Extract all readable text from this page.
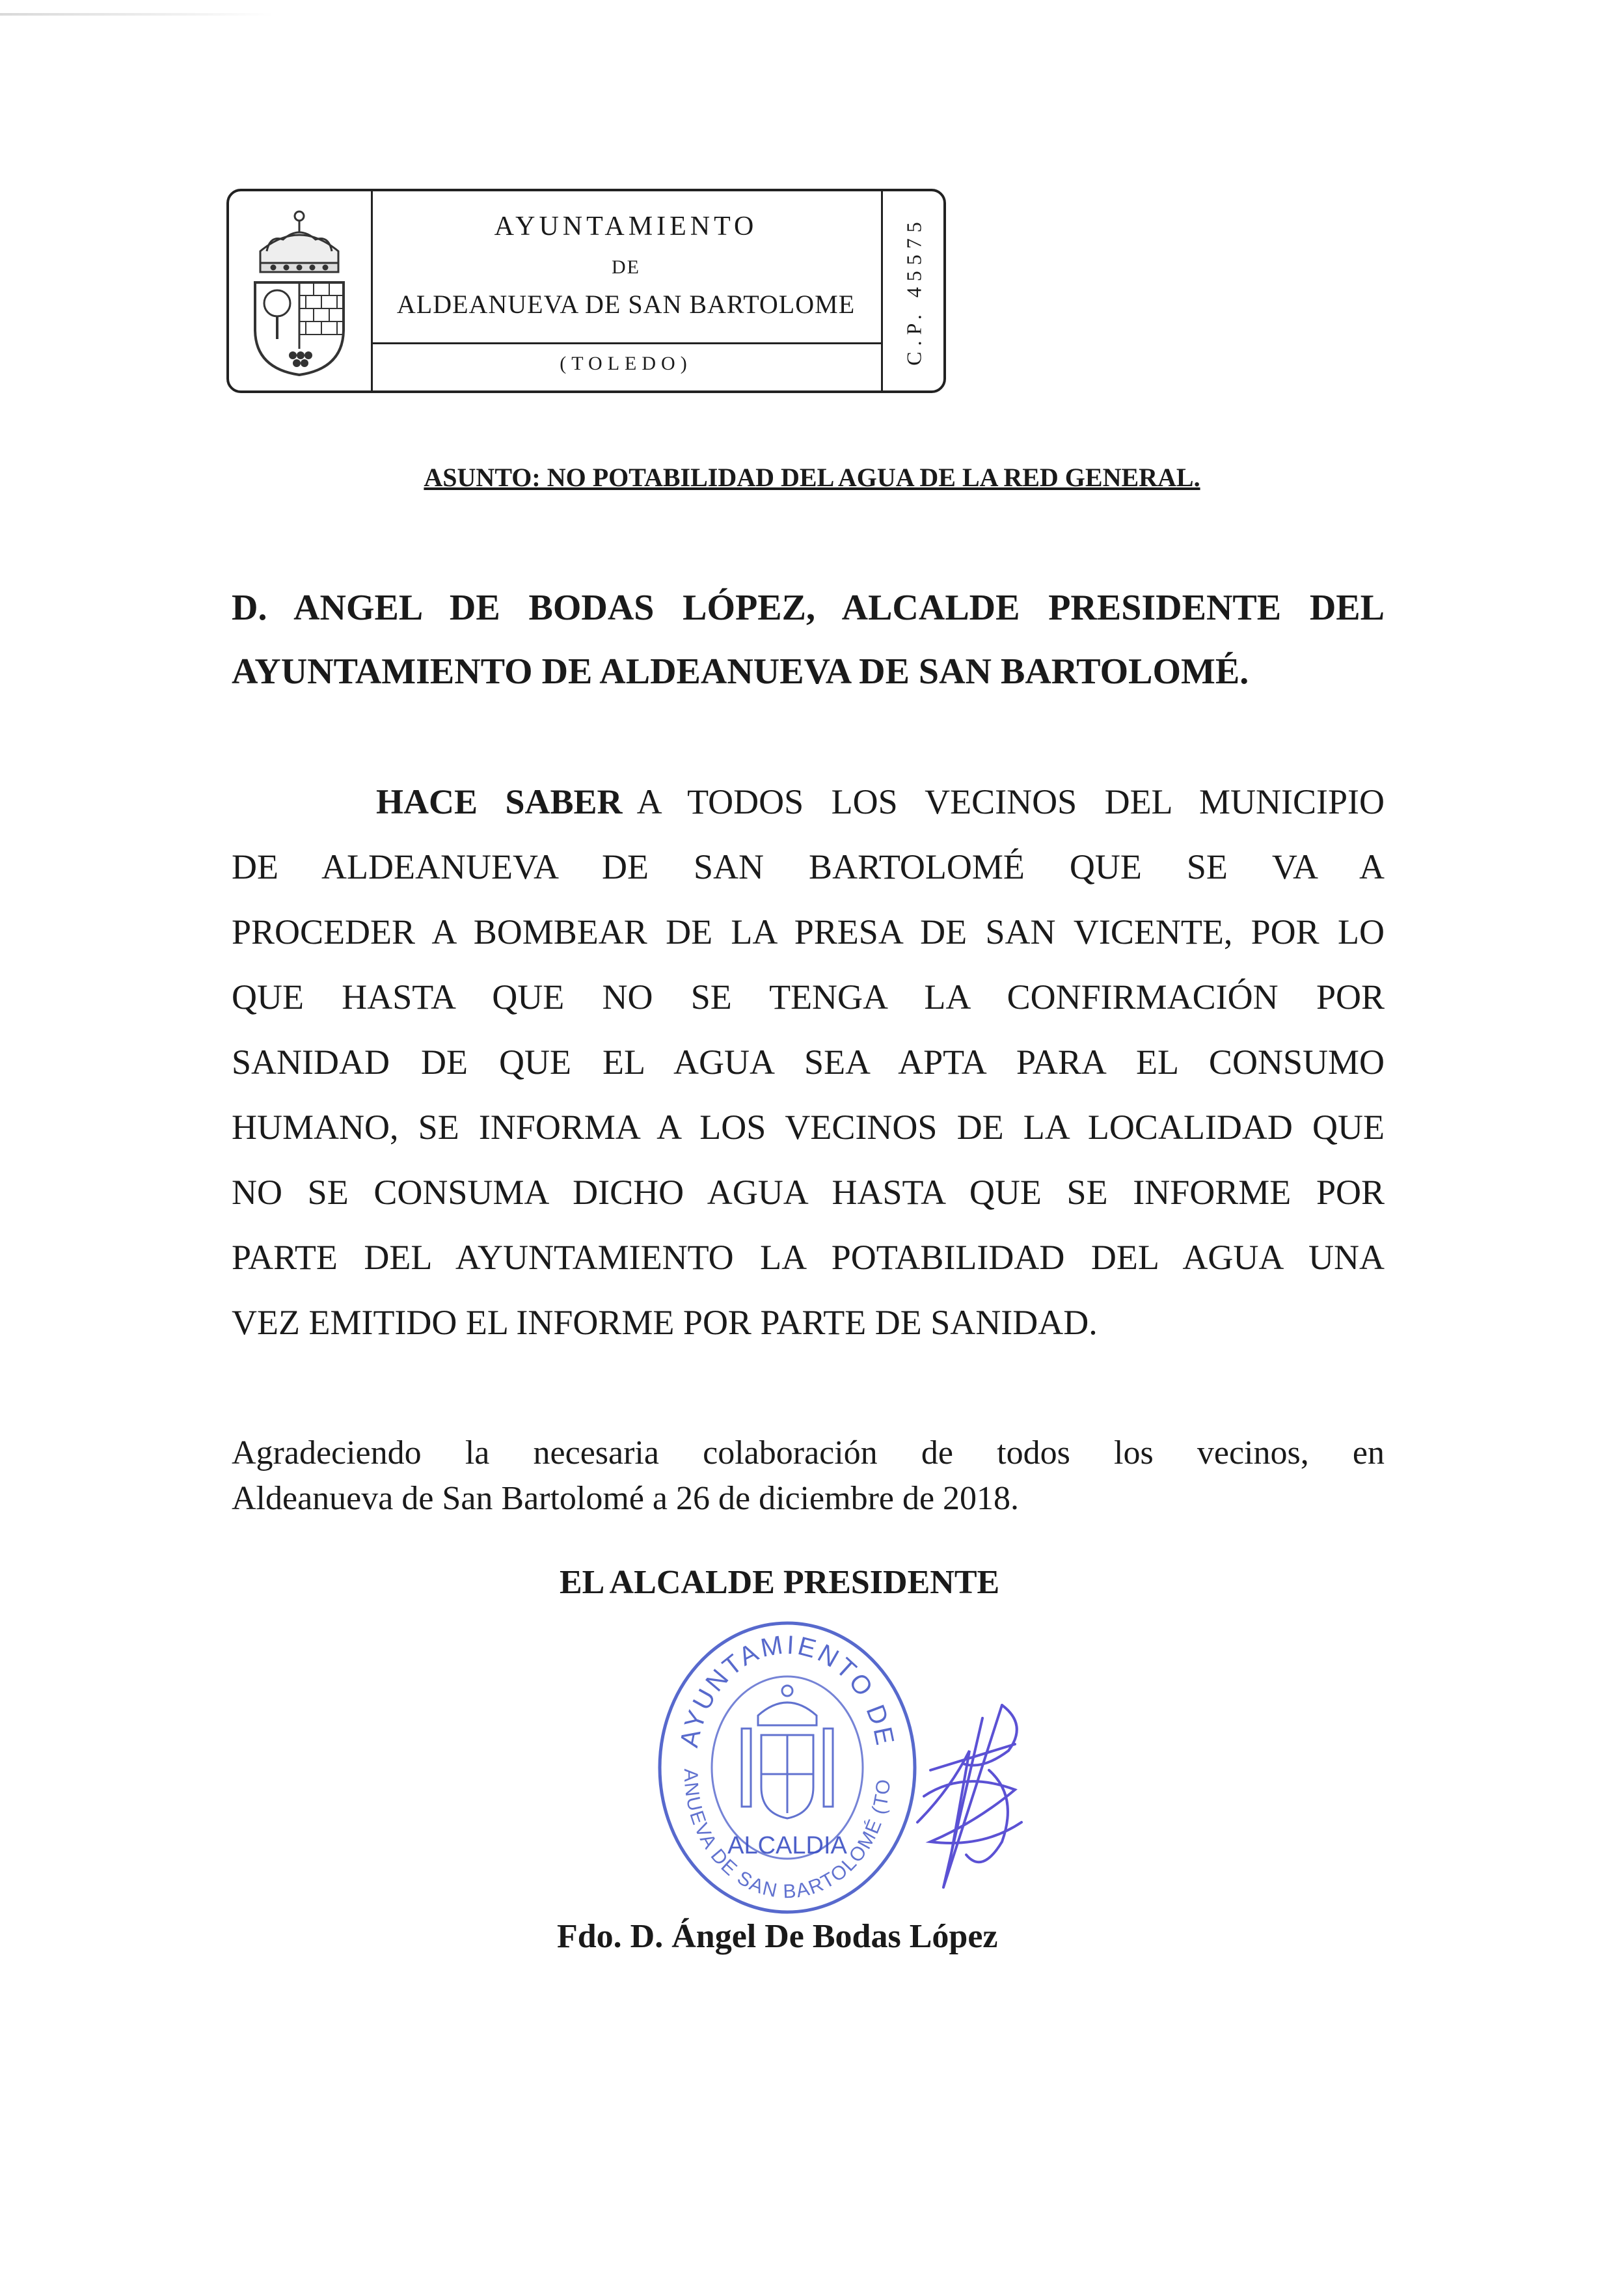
AYUNTAMIENTO
DE
ALDEANUEVA DE SAN BARTOLOME
(TOLEDO)	C.P. 45575
ASUNTO: NO POTABILIDAD DEL AGUA DE LA RED GENERAL.
D. ANGEL DE BODAS LÓPEZ, ALCALDE PRESIDENTE DEL
AYUNTAMIENTO DE ALDEANUEVA DE SAN BARTOLOMÉ.
HACE SABER A TODOS LOS VECINOS DEL MUNICIPIO
DE ALDEANUEVA DE SAN BARTOLOMÉ QUE SE VA A
PROCEDER A BOMBEAR DE LA PRESA DE SAN VICENTE, POR LO
QUE HASTA QUE NO SE TENGA LA CONFIRMACIÓN POR
SANIDAD DE QUE EL AGUA SEA APTA PARA EL CONSUMO
HUMANO, SE INFORMA A LOS VECINOS DE LA LOCALIDAD QUE
NO SE CONSUMA DICHO AGUA HASTA QUE SE INFORME POR
PARTE DEL AYUNTAMIENTO LA POTABILIDAD DEL AGUA UNA
VEZ EMITIDO EL INFORME POR PARTE DE SANIDAD.
Agradeciendo la necesaria colaboración de todos los vecinos, en
Aldeanueva de San Bartolomé a 26 de diciembre de 2018.
EL ALCALDE PRESIDENTE
AYUNTAMIENTO DE
ANUEVA DE SAN BARTOLOMÉ (TO
ALCALDIA
Fdo. D. Ángel De Bodas López
